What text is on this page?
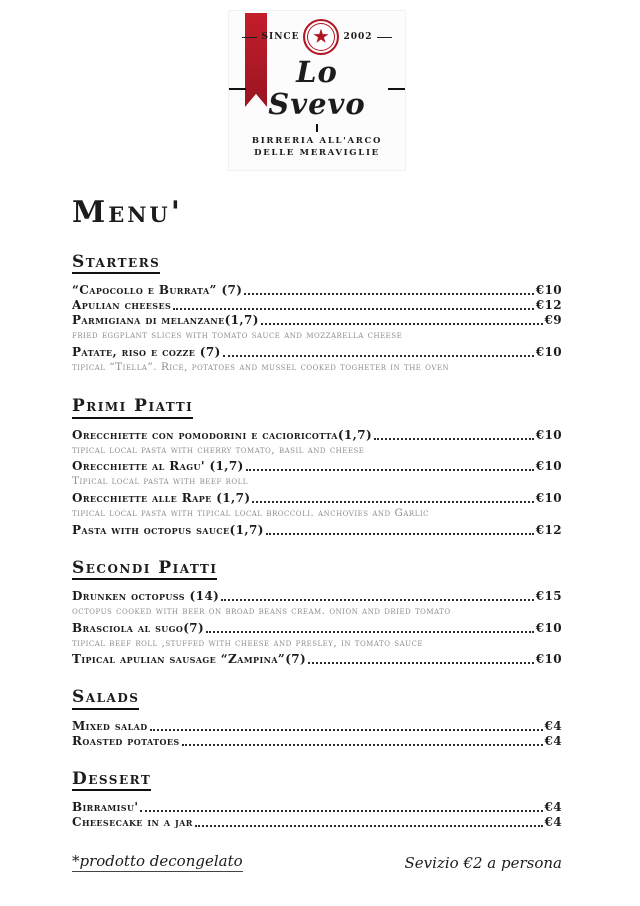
SINCE ★ 2002
Lo Svevo
BIRRERIA ALL'ARCO
DELLE MERAVIGLIE
Menu'
Starters
“Capocollo e Burrata” (7)	€10
Apulian cheeses	€12
Parmigiana di melanzane(1,7)	€9
fried eggplant slices with tomato sauce and mozzarella cheese
Patate, riso e cozze (7)	€10
tipical “Tiella”. Rice, potatoes and mussel cooked togheter in the oven
Primi Piatti
Orecchiette con pomodorini e cacioricotta(1,7)	€10
tipical local pasta with cherry tomato, basil and cheese
Orecchiette al Ragu' (1,7)	€10
Tipical local pasta with beef roll
Orecchiette alle Rape (1,7)	€10
tipical local pasta with tipical local broccoli. anchovies and Garlic
Pasta with octopus sauce(1,7)	€12
Secondi Piatti
Drunken octopuss (14)	€15
octopus cooked with beer on broad beans cream. onion and dried tomato
Brasciola al sugo(7)	€10
tipical beef roll ,stuffed with cheese and presley, in tomato sauce
Tipical apulian sausage “Zampina”(7)	€10
Salads
Mixed salad	€4
Roasted potatoes	€4
Dessert
Birramisu'	€4
Cheesecake in a jar	€4
*prodotto decongelato	Sevizio €2 a persona
